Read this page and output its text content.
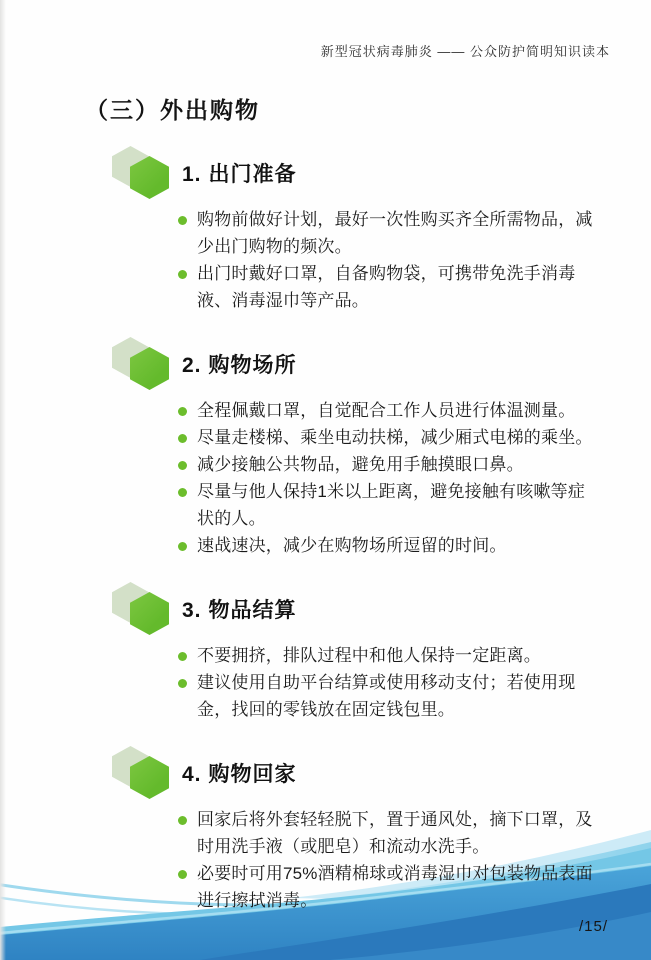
新型冠状病毒肺炎 —— 公众防护简明知识读本
（三）外出购物
1. 出门准备
购物前做好计划，最好一次性购买齐全所需物品，减少出门购物的频次。
出门时戴好口罩，自备购物袋，可携带免洗手消毒液、消毒湿巾等产品。
2. 购物场所
全程佩戴口罩，自觉配合工作人员进行体温测量。
尽量走楼梯、乘坐电动扶梯，减少厢式电梯的乘坐。
减少接触公共物品，避免用手触摸眼口鼻。
尽量与他人保持1米以上距离，避免接触有咳嗽等症状的人。
速战速决，减少在购物场所逗留的时间。
3. 物品结算
不要拥挤，排队过程中和他人保持一定距离。
建议使用自助平台结算或使用移动支付；若使用现金，找回的零钱放在固定钱包里。
4. 购物回家
回家后将外套轻轻脱下，置于通风处，摘下口罩，及时用洗手液（或肥皂）和流动水洗手。
必要时可用75%酒精棉球或消毒湿巾对包装物品表面进行擦拭消毒。
/15/
